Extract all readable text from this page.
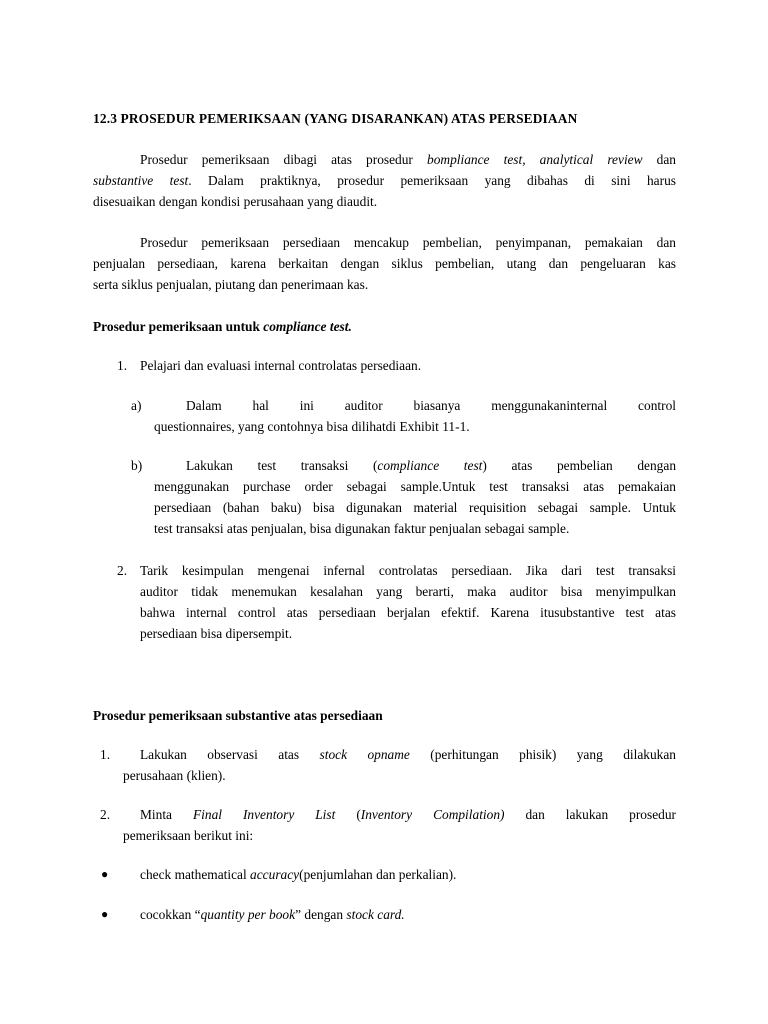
12.3 PROSEDUR PEMERIKSAAN (YANG DISARANKAN) ATAS PERSEDIAAN
Prosedur pemeriksaan dibagi atas prosedur bompliance test, analytical review dan
substantive test. Dalam praktiknya, prosedur pemeriksaan yang dibahas di sini harus
disesuaikan dengan kondisi perusahaan yang diaudit.
Prosedur pemeriksaan persediaan mencakup pembelian, penyimpanan, pemakaian dan
penjualan persediaan, karena berkaitan dengan siklus pembelian, utang dan pengeluaran kas
serta siklus penjualan, piutang dan penerimaan kas.
Prosedur pemeriksaan untuk compliance test.
1. Pelajari dan evaluasi internal controlatas persediaan.
a)	Dalam hal ini auditor biasanya menggunakaninternal control
questionnaires, yang contohnya bisa dilihatdi Exhibit 11-1.
b)	Lakukan test transaksi (compliance test) atas pembelian dengan
menggunakan purchase order sebagai sample.Untuk test transaksi atas pemakaian
persediaan (bahan baku) bisa digunakan material requisition sebagai sample. Untuk
test transaksi atas penjualan, bisa digunakan faktur penjualan sebagai sample.
2. Tarik kesimpulan mengenai infernal controlatas persediaan. Jika dari test transaksi
auditor tidak menemukan kesalahan yang berarti, maka auditor bisa menyimpulkan
bahwa internal control atas persediaan berjalan efektif. Karena itusubstantive test atas
persediaan bisa dipersempit.
Prosedur pemeriksaan substantive atas persediaan
1.	Lakukan observasi atas stock opname (perhitungan phisik) yang dilakukan
perusahaan (klien).
2.	Minta Final Inventory List (Inventory Compilation) dan lakukan prosedur
pemeriksaan berikut ini:
● check mathematical accuracy(penjumlahan dan perkalian).
● cocokkan “quantity per book” dengan stock card.
